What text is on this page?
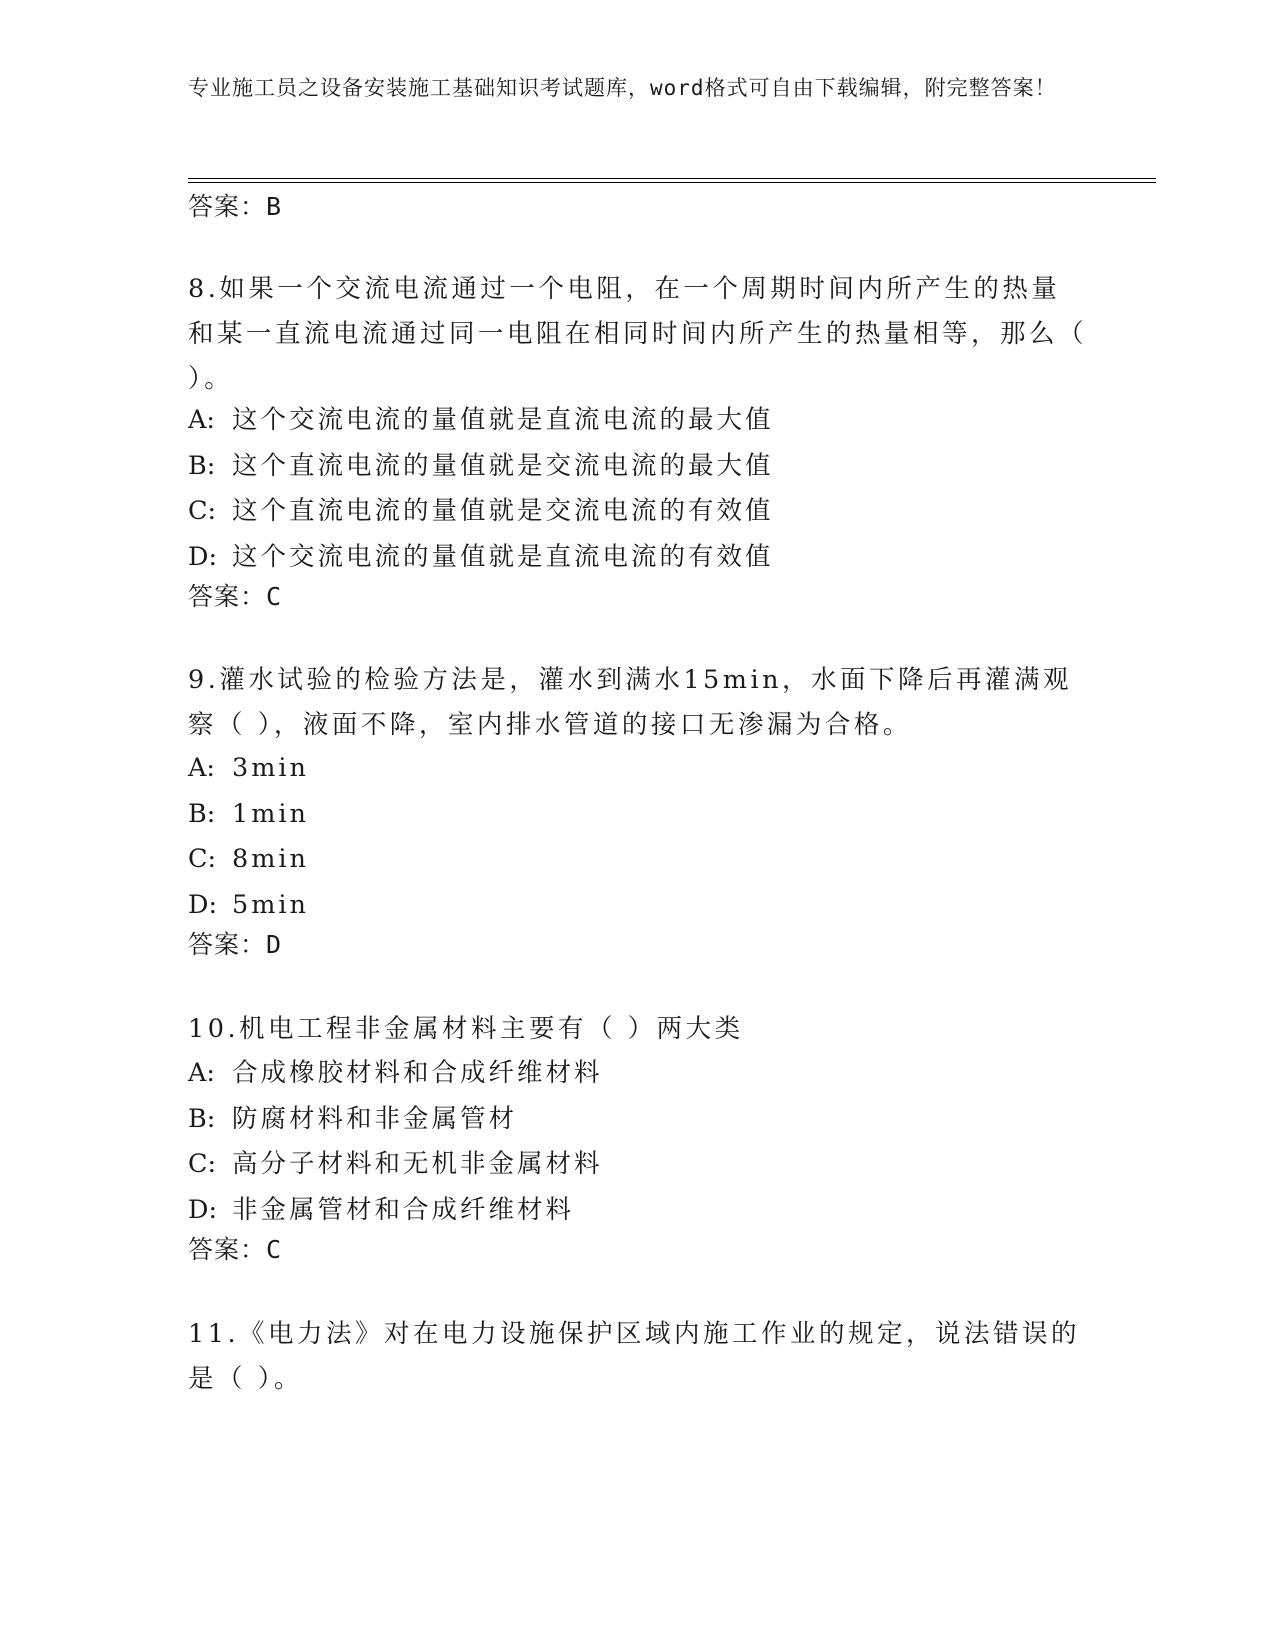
专业施工员之设备安装施工基础知识考试题库，word格式可自由下载编辑，附完整答案！
答案：B
8.如果一个交流电流通过一个电阻，在一个周期时间内所产生的热量和某一直流电流通过同一电阻在相同时间内所产生的热量相等，那么（ ）。
A: 这个交流电流的量值就是直流电流的最大值
B: 这个直流电流的量值就是交流电流的最大值
C: 这个直流电流的量值就是交流电流的有效值
D: 这个交流电流的量值就是直流电流的有效值
答案：C
9.灌水试验的检验方法是，灌水到满水15min，水面下降后再灌满观察（ ），液面不降，室内排水管道的接口无渗漏为合格。
A: 3min
B: 1min
C: 8min
D: 5min
答案：D
10.机电工程非金属材料主要有（ ）两大类
A: 合成橡胶材料和合成纤维材料
B: 防腐材料和非金属管材
C: 高分子材料和无机非金属材料
D: 非金属管材和合成纤维材料
答案：C
11.《电力法》对在电力设施保护区域内施工作业的规定，说法错误的是（ ）。
